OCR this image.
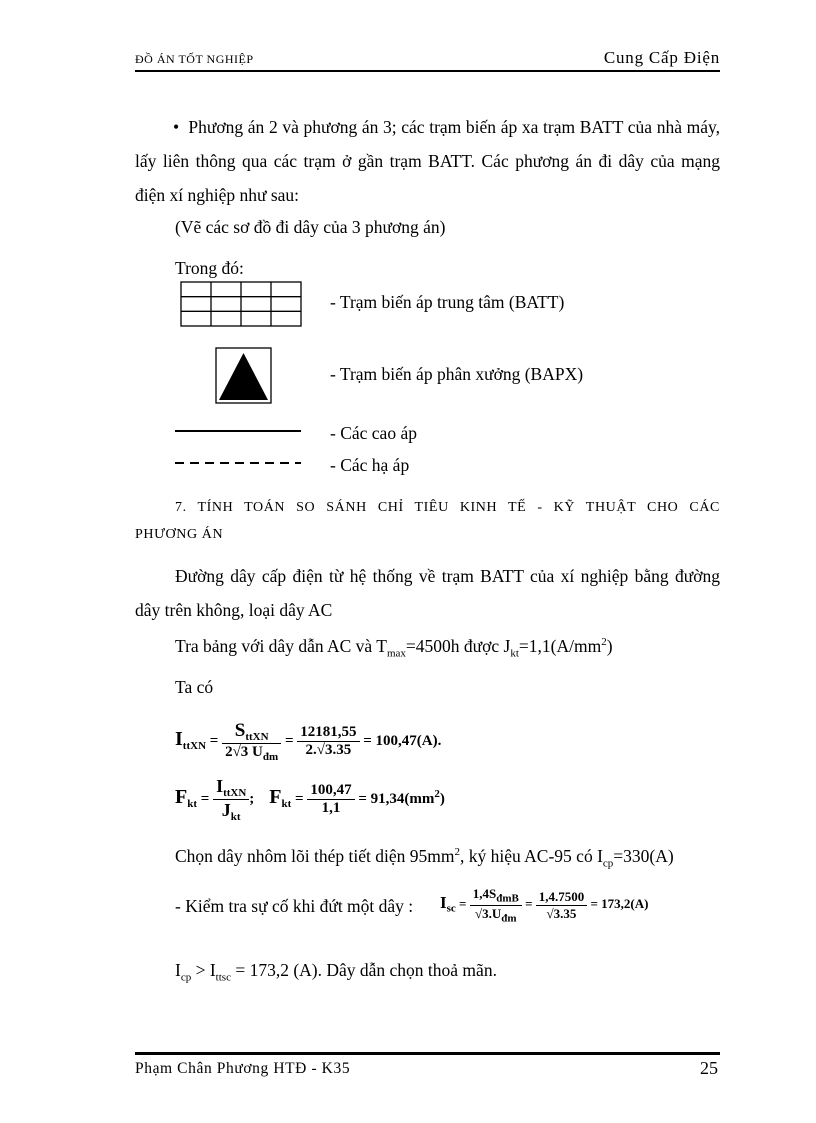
ĐỒ ÁN TỐT NGHIỆP	Cung Cấp Điện
• Phương án 2 và phương án 3; các trạm biến áp xa trạm BATT của nhà máy, lấy liên thông qua các trạm ở gần trạm BATT. Các phương án đi dây của mạng điện xí nghiệp như sau:
(Vẽ các sơ đồ đi dây của 3 phương án)
Trong đó:
- Trạm biến áp trung tâm (BATT)
- Trạm biến áp phân xưởng (BAPX)
- Các cao áp
- Các hạ áp
7. TÍNH TOÁN SO SÁNH CHỈ TIÊU KINH TẾ - KỸ THUẬT CHO CÁC
PHƯƠNG ÁN
Đường dây cấp điện từ hệ thống về trạm BATT của xí nghiệp bằng đường dây trên không, loại dây AC
Tra bảng với dây dẫn AC và $T_{max}=4500h$ được $J_{kt}=1,1(A/mm^2)$
Ta có
$I_{ttXN} = \frac{S_{ttXN}}{2√3 U_{đm}} = \frac{12181,55}{2.√3.35} = 100,47(A)$.
$F_{kt} = \frac{I_{ttXN}}{J_{kt}}$ ; $F_{kt} = \frac{100,47}{1,1} = 91,34(mm^2)$
Chọn dây nhôm lõi thép tiết diện $95mm^2$, ký hiệu AC-95 có $I_{cp}=330(A)$
- Kiểm tra sự cố khi đứt một dây : $I_{sc} = \frac{1,4S_{đmB}}{√3.U_{đm}} = \frac{1,4.7500}{√3.35} = 173,2(A)$
$I_{cp} > I_{ttsc} = 173,2$ (A). Dây dẫn chọn thoả mãn.
Phạm Chân Phương HTĐ - K35	25
